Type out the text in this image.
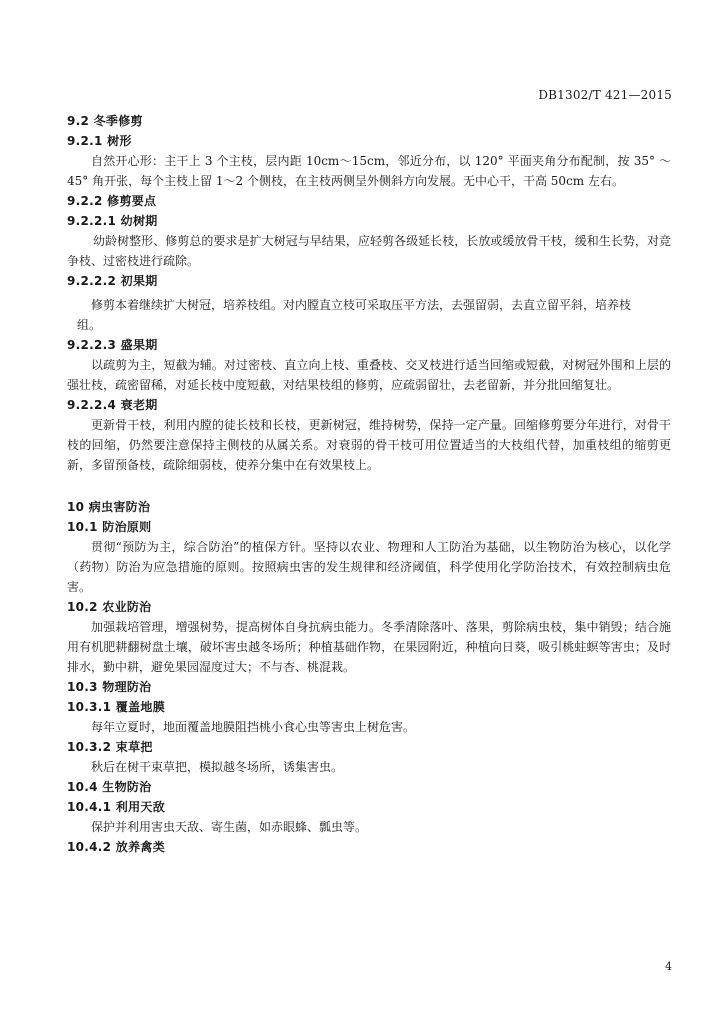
DB1302/T 421—2015

9.2 冬季修剪

9.2.1 树形

自然开心形：主干上 3 个主枝，层内距 10cm～15cm，邻近分布，以 120° 平面夹角分布配制，按 35° ～45° 角开张，每个主枝上留 1～2 个侧枝，在主枝两侧呈外侧斜方向发展。无中心干，干高 50cm 左右。

9.2.2 修剪要点

9.2.2.1 幼树期

幼龄树整形、修剪总的要求是扩大树冠与早结果，应轻剪各级延长枝，长放或缓放骨干枝，缓和生长势，对竞争枝、过密枝进行疏除。

9.2.2.2 初果期

修剪本着继续扩大树冠，培养枝组。对内膛直立枝可采取压平方法，去强留弱，去直立留平斜，培养枝

组。

9.2.2.3 盛果期

以疏剪为主，短截为辅。对过密枝、直立向上枝、重叠枝、交叉枝进行适当回缩或短截，对树冠外围和上层的强壮枝，疏密留稀，对延长枝中度短截，对结果枝组的修剪，应疏弱留壮，去老留新，并分批回缩复壮。

9.2.2.4 衰老期

更新骨干枝，利用内膛的徒长枝和长枝，更新树冠，维持树势，保持一定产量。回缩修剪要分年进行，对骨干枝的回缩，仍然要注意保持主侧枝的从属关系。对衰弱的骨干枝可用位置适当的大枝组代替，加重枝组的缩剪更新，多留预备枝，疏除细弱枝，使养分集中在有效果枝上。

10 病虫害防治

10.1 防治原则

贯彻“预防为主，综合防治”的植保方针。坚持以农业、物理和人工防治为基础，以生物防治为核心，以化学（药物）防治为应急措施的原则。按照病虫害的发生规律和经济阈值，科学使用化学防治技术，有效控制病虫危害。

10.2 农业防治

加强栽培管理，增强树势，提高树体自身抗病虫能力。冬季清除落叶、落果，剪除病虫枝，集中销毁；结合施用有机肥耕翻树盘土壤，破坏害虫越冬场所；种植基础作物，在果园附近，种植向日葵，吸引桃蛀螟等害虫；及时排水，勤中耕，避免果园湿度过大；不与杏、桃混栽。

10.3 物理防治

10.3.1 覆盖地膜

每年立夏时，地面覆盖地膜阻挡桃小食心虫等害虫上树危害。

10.3.2 束草把

秋后在树干束草把，模拟越冬场所，诱集害虫。

10.4 生物防治

10.4.1 利用天敌

保护并利用害虫天敌、寄生菌，如赤眼蜂、瓢虫等。

10.4.2 放养禽类

4
